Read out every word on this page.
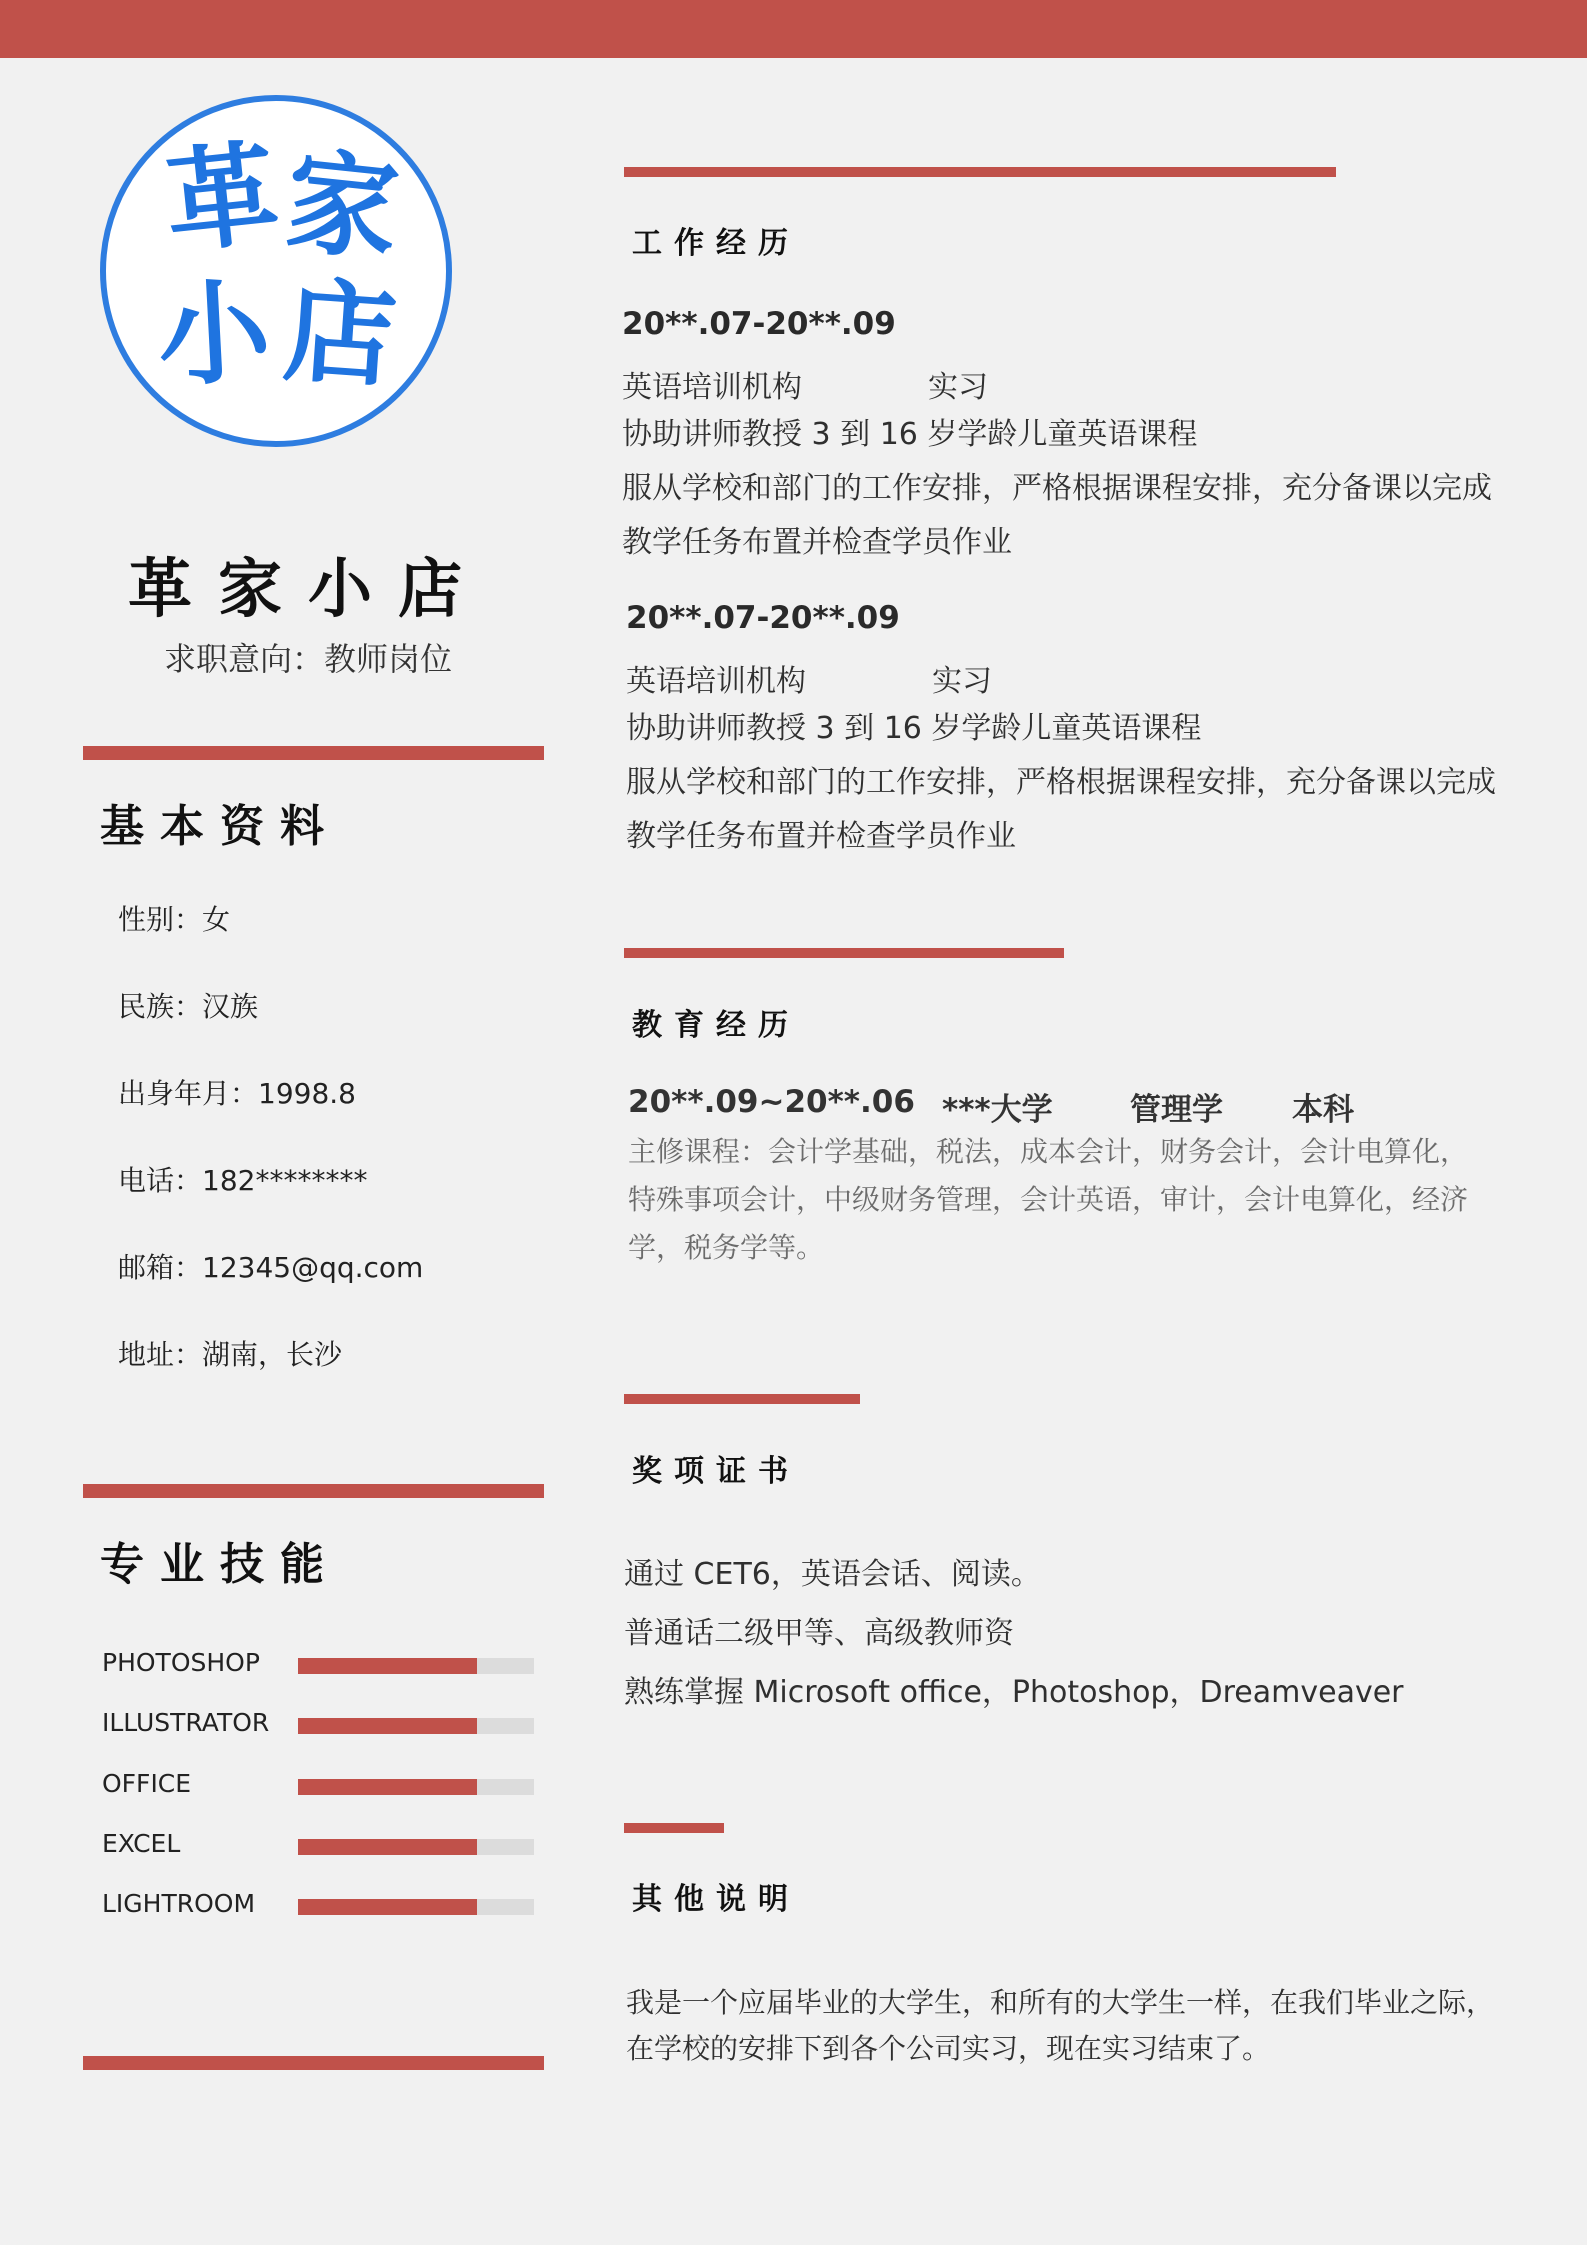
革
家
小 店
革家小店
求职意向：教师岗位
基本资料
性别：女
民族：汉族
出身年月：1998.8
电话：182********
邮箱：12345@qq.com
地址：湖南，长沙
专业技能
PHOTOSHOP
ILLUSTRATOR
OFFICE
EXCEL
LIGHTROOM
工作经历
20**.07-20**.09
英语培训机构	实习
协助讲师教授 3 到 16 岁学龄儿童英语课程
服从学校和部门的工作安排，严格根据课程安排，充分备课以完成
教学任务布置并检查学员作业
20**.07-20**.09
英语培训机构	实习
协助讲师教授 3 到 16 岁学龄儿童英语课程
服从学校和部门的工作安排，严格根据课程安排，充分备课以完成
教学任务布置并检查学员作业
教育经历
20**.09~20**.06 ***大学 管理学 本科
主修课程：会计学基础，税法，成本会计，财务会计，会计电算化，
特殊事项会计，中级财务管理，会计英语，审计，会计电算化，经济
学，税务学等。
奖项证书
通过 CET6，英语会话、阅读。
普通话二级甲等、高级教师资
熟练掌握 Microsoft office，Photoshop，Dreamveaver
其他说明
我是一个应届毕业的大学生，和所有的大学生一样，在我们毕业之际，
在学校的安排下到各个公司实习，现在实习结束了。
